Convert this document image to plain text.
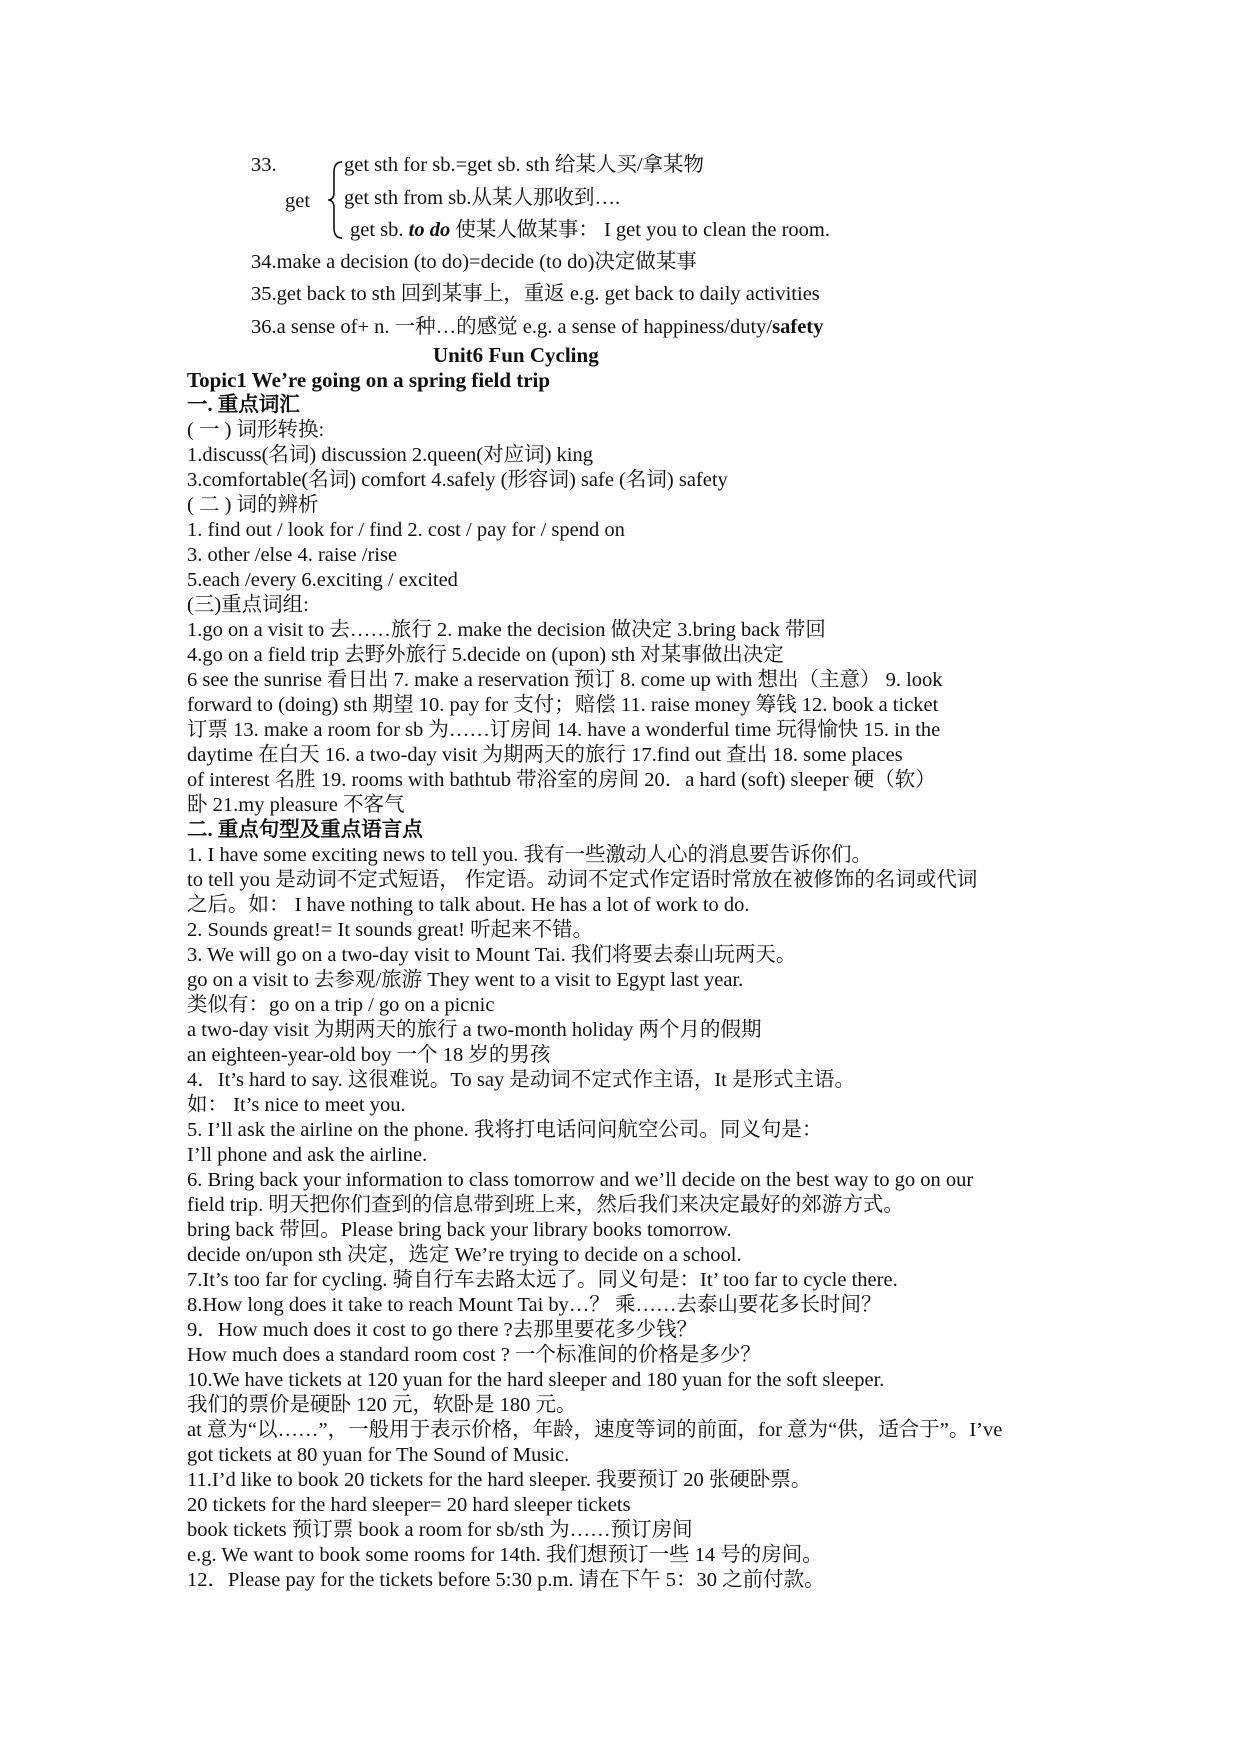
33.
get
get sth for sb.=get sb. sth 给某人买/拿某物
get sth from sb.从某人那收到….
get sb. to do 使某人做某事： I get you to clean the room.
34.make a decision (to do)=decide (to do)决定做某事
35.get back to sth 回到某事上，重返 e.g. get back to daily activities
36.a sense of+ n. 一种…的感觉 e.g. a sense of happiness/duty/safety
Unit6 Fun Cycling
Topic1 We’re going on a spring field trip
一. 重点词汇
( 一 ) 词形转换:
1.discuss(名词) discussion 2.queen(对应词) king
3.comfortable(名词) comfort 4.safely (形容词) safe (名词) safety
( 二 ) 词的辨析
1. find out / look for / find 2. cost / pay for / spend on
3. other /else 4. raise /rise
5.each /every 6.exciting / excited
(三)重点词组:
1.go on a visit to 去……旅行 2. make the decision 做决定 3.bring back 带回
4.go on a field trip 去野外旅行 5.decide on (upon) sth 对某事做出决定
6 see the sunrise 看日出 7. make a reservation 预订 8. come up with 想出（主意） 9. look
forward to (doing) sth 期望 10. pay for 支付；赔偿 11. raise money 筹钱 12. book a ticket
订票 13. make a room for sb 为……订房间 14. have a wonderful time 玩得愉快 15. in the
daytime 在白天 16. a two-day visit 为期两天的旅行 17.find out 查出 18. some places
of interest 名胜 19. rooms with bathtub 带浴室的房间 20．a hard (soft) sleeper 硬（软）
卧 21.my pleasure 不客气
二. 重点句型及重点语言点
1. I have some exciting news to tell you. 我有一些激动人心的消息要告诉你们。
to tell you 是动词不定式短语， 作定语。动词不定式作定语时常放在被修饰的名词或代词
之后。如： I have nothing to talk about. He has a lot of work to do.
2. Sounds great!= It sounds great! 听起来不错。
3. We will go on a two-day visit to Mount Tai. 我们将要去泰山玩两天。
go on a visit to 去参观/旅游 They went to a visit to Egypt last year.
类似有：go on a trip / go on a picnic
a two-day visit 为期两天的旅行 a two-month holiday 两个月的假期
an eighteen-year-old boy 一个 18 岁的男孩
4．It’s hard to say. 这很难说。To say 是动词不定式作主语，It 是形式主语。
如： It’s nice to meet you.
5. I’ll ask the airline on the phone. 我将打电话问问航空公司。同义句是：
I’ll phone and ask the airline.
6. Bring back your information to class tomorrow and we’ll decide on the best way to go on our
field trip. 明天把你们查到的信息带到班上来，然后我们来决定最好的郊游方式。
bring back 带回。Please bring back your library books tomorrow.
decide on/upon sth 决定，选定 We’re trying to decide on a school.
7.It’s too far for cycling. 骑自行车去路太远了。同义句是：It’ too far to cycle there.
8.How long does it take to reach Mount Tai by…？ 乘……去泰山要花多长时间？
9．How much does it cost to go there ?去那里要花多少钱？
How much does a standard room cost ? 一个标准间的价格是多少？
10.We have tickets at 120 yuan for the hard sleeper and 180 yuan for the soft sleeper.
我们的票价是硬卧 120 元，软卧是 180 元。
at 意为“以……”，一般用于表示价格，年龄，速度等词的前面，for 意为“供，适合于”。I’ve
got tickets at 80 yuan for The Sound of Music.
11.I’d like to book 20 tickets for the hard sleeper. 我要预订 20 张硬卧票。
20 tickets for the hard sleeper= 20 hard sleeper tickets
book tickets 预订票 book a room for sb/sth 为……预订房间
e.g. We want to book some rooms for 14th. 我们想预订一些 14 号的房间。
12．Please pay for the tickets before 5:30 p.m. 请在下午 5：30 之前付款。
